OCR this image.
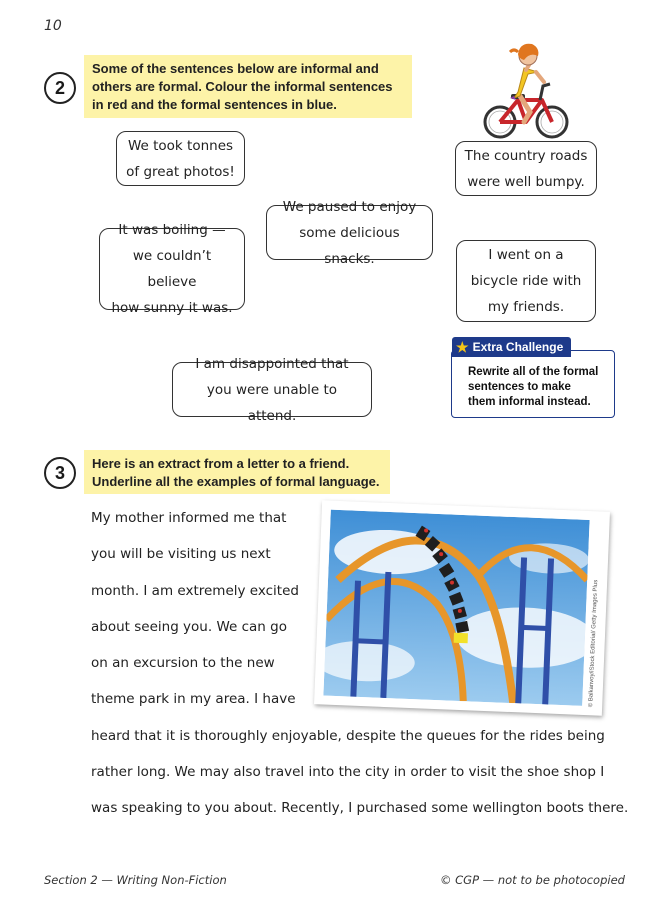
10
2
Some of the sentences below are informal and
others are formal. Colour the informal sentences
in red and the formal sentences in blue.
We took tonnes
of great photos!
The country roads
were well bumpy.
We paused to enjoy
some delicious snacks.
It was boiling —
we couldn’t believe
how sunny it was.
I went on a
bicycle ride with
my friends.
I am disappointed that
you were unable to attend.
Rewrite all of the formal
sentences to make
them informal instead.
★ Extra Challenge
3 Here is an extract from a letter to a friend.
Underline all the examples of formal language.
My mother informed me that
you will be visiting us next
month. I am extremely excited
about seeing you. We can go
on an excursion to the new
theme park in my area. I have
heard that it is thoroughly enjoyable, despite the queues for the rides being
rather long. We may also travel into the city in order to visit the shoe shop I
was speaking to you about. Recently, I purchased some wellington boots there.
© Balkanvoy/iStock Editorial/ Getty Images Plus
Section 2 — Writing Non-Fiction	© CGP — not to be photocopied
